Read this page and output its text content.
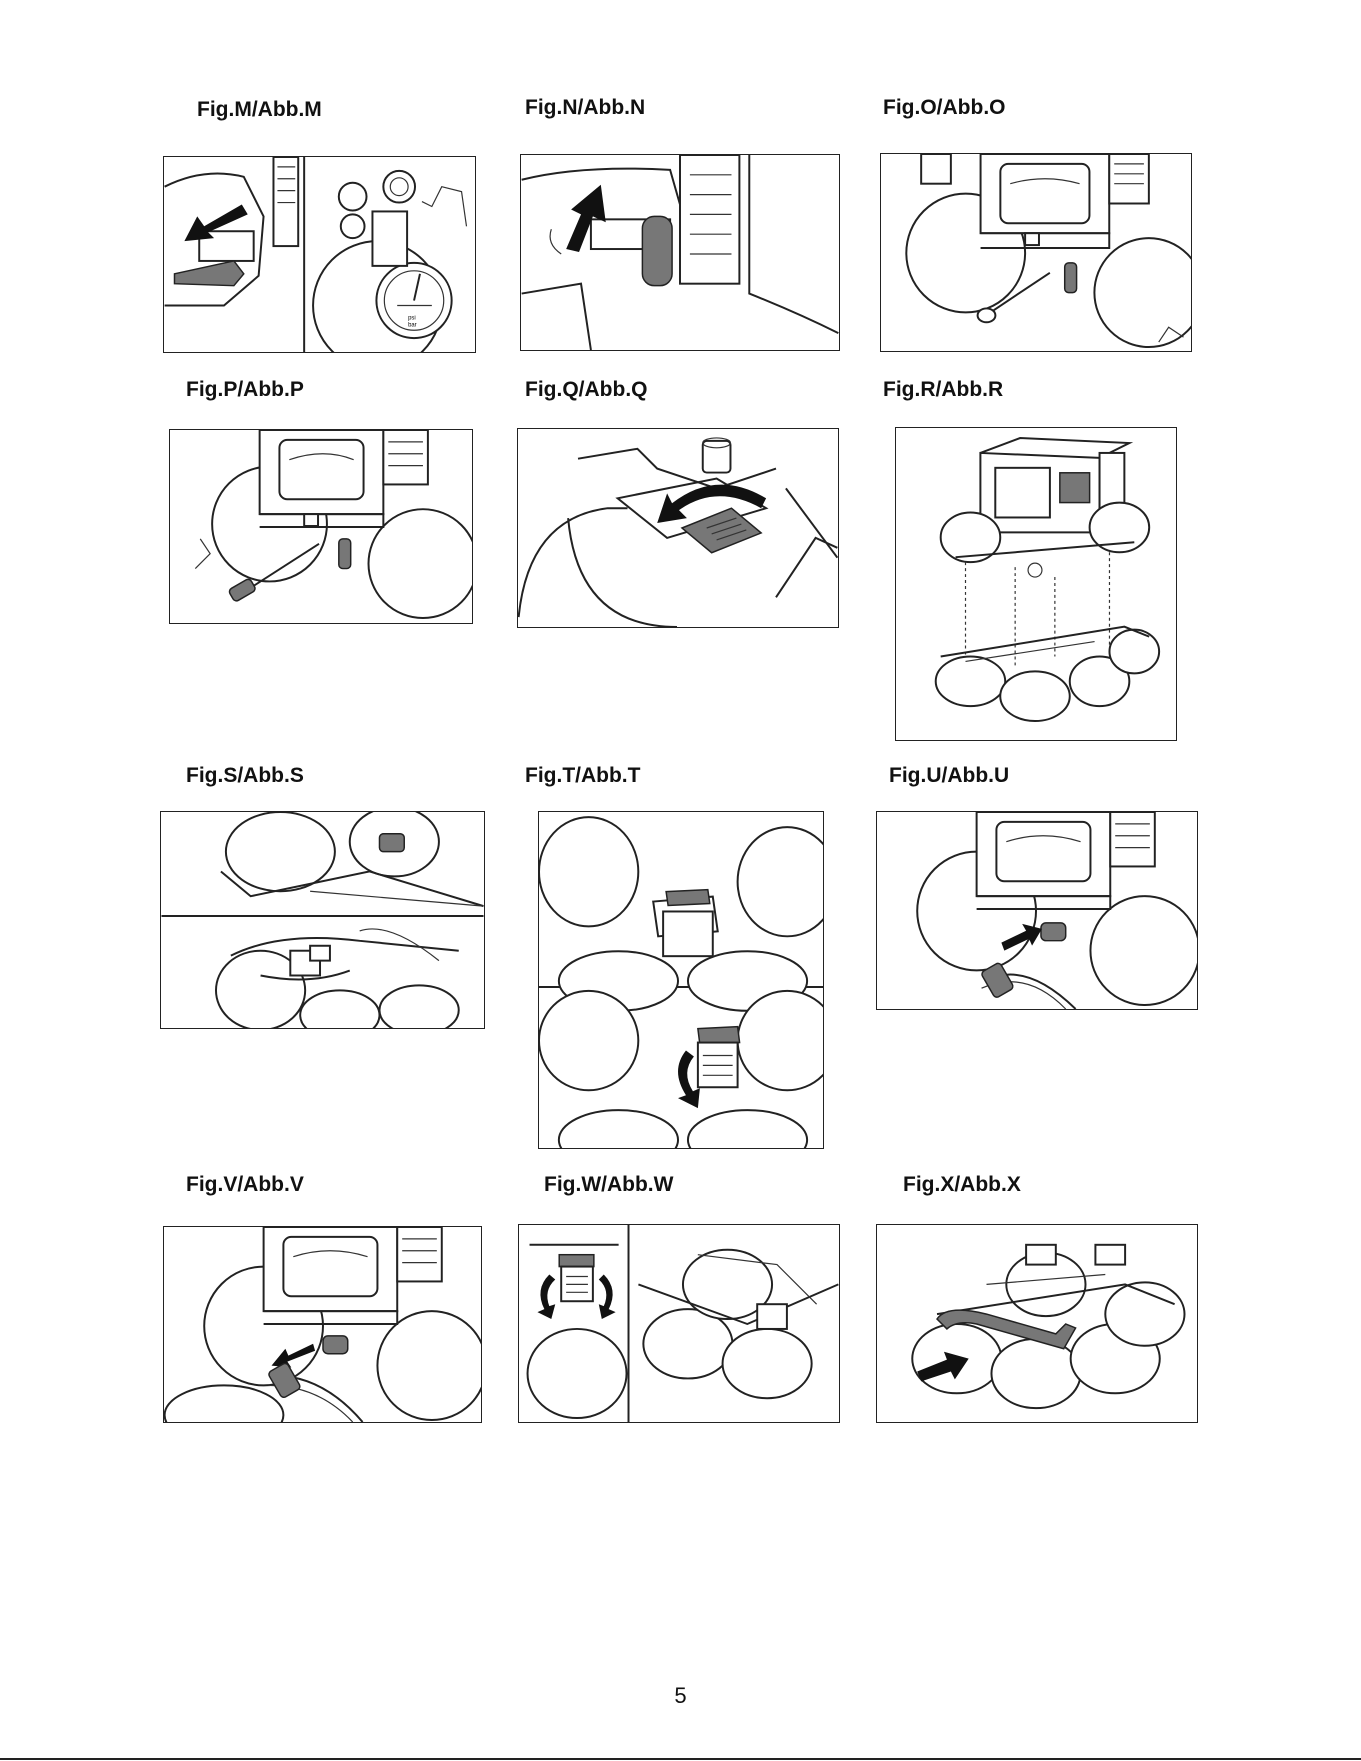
Fig.M/Abb.M	Fig.N/Abb.N	Fig.O/Abb.O
psi
bar
Fig.P/Abb.P	Fig.Q/Abb.Q	Fig.R/Abb.R
Fig.S/Abb.S	Fig.T/Abb.T	Fig.U/Abb.U
Fig.V/Abb.V	Fig.W/Abb.W	Fig.X/Abb.X
5
